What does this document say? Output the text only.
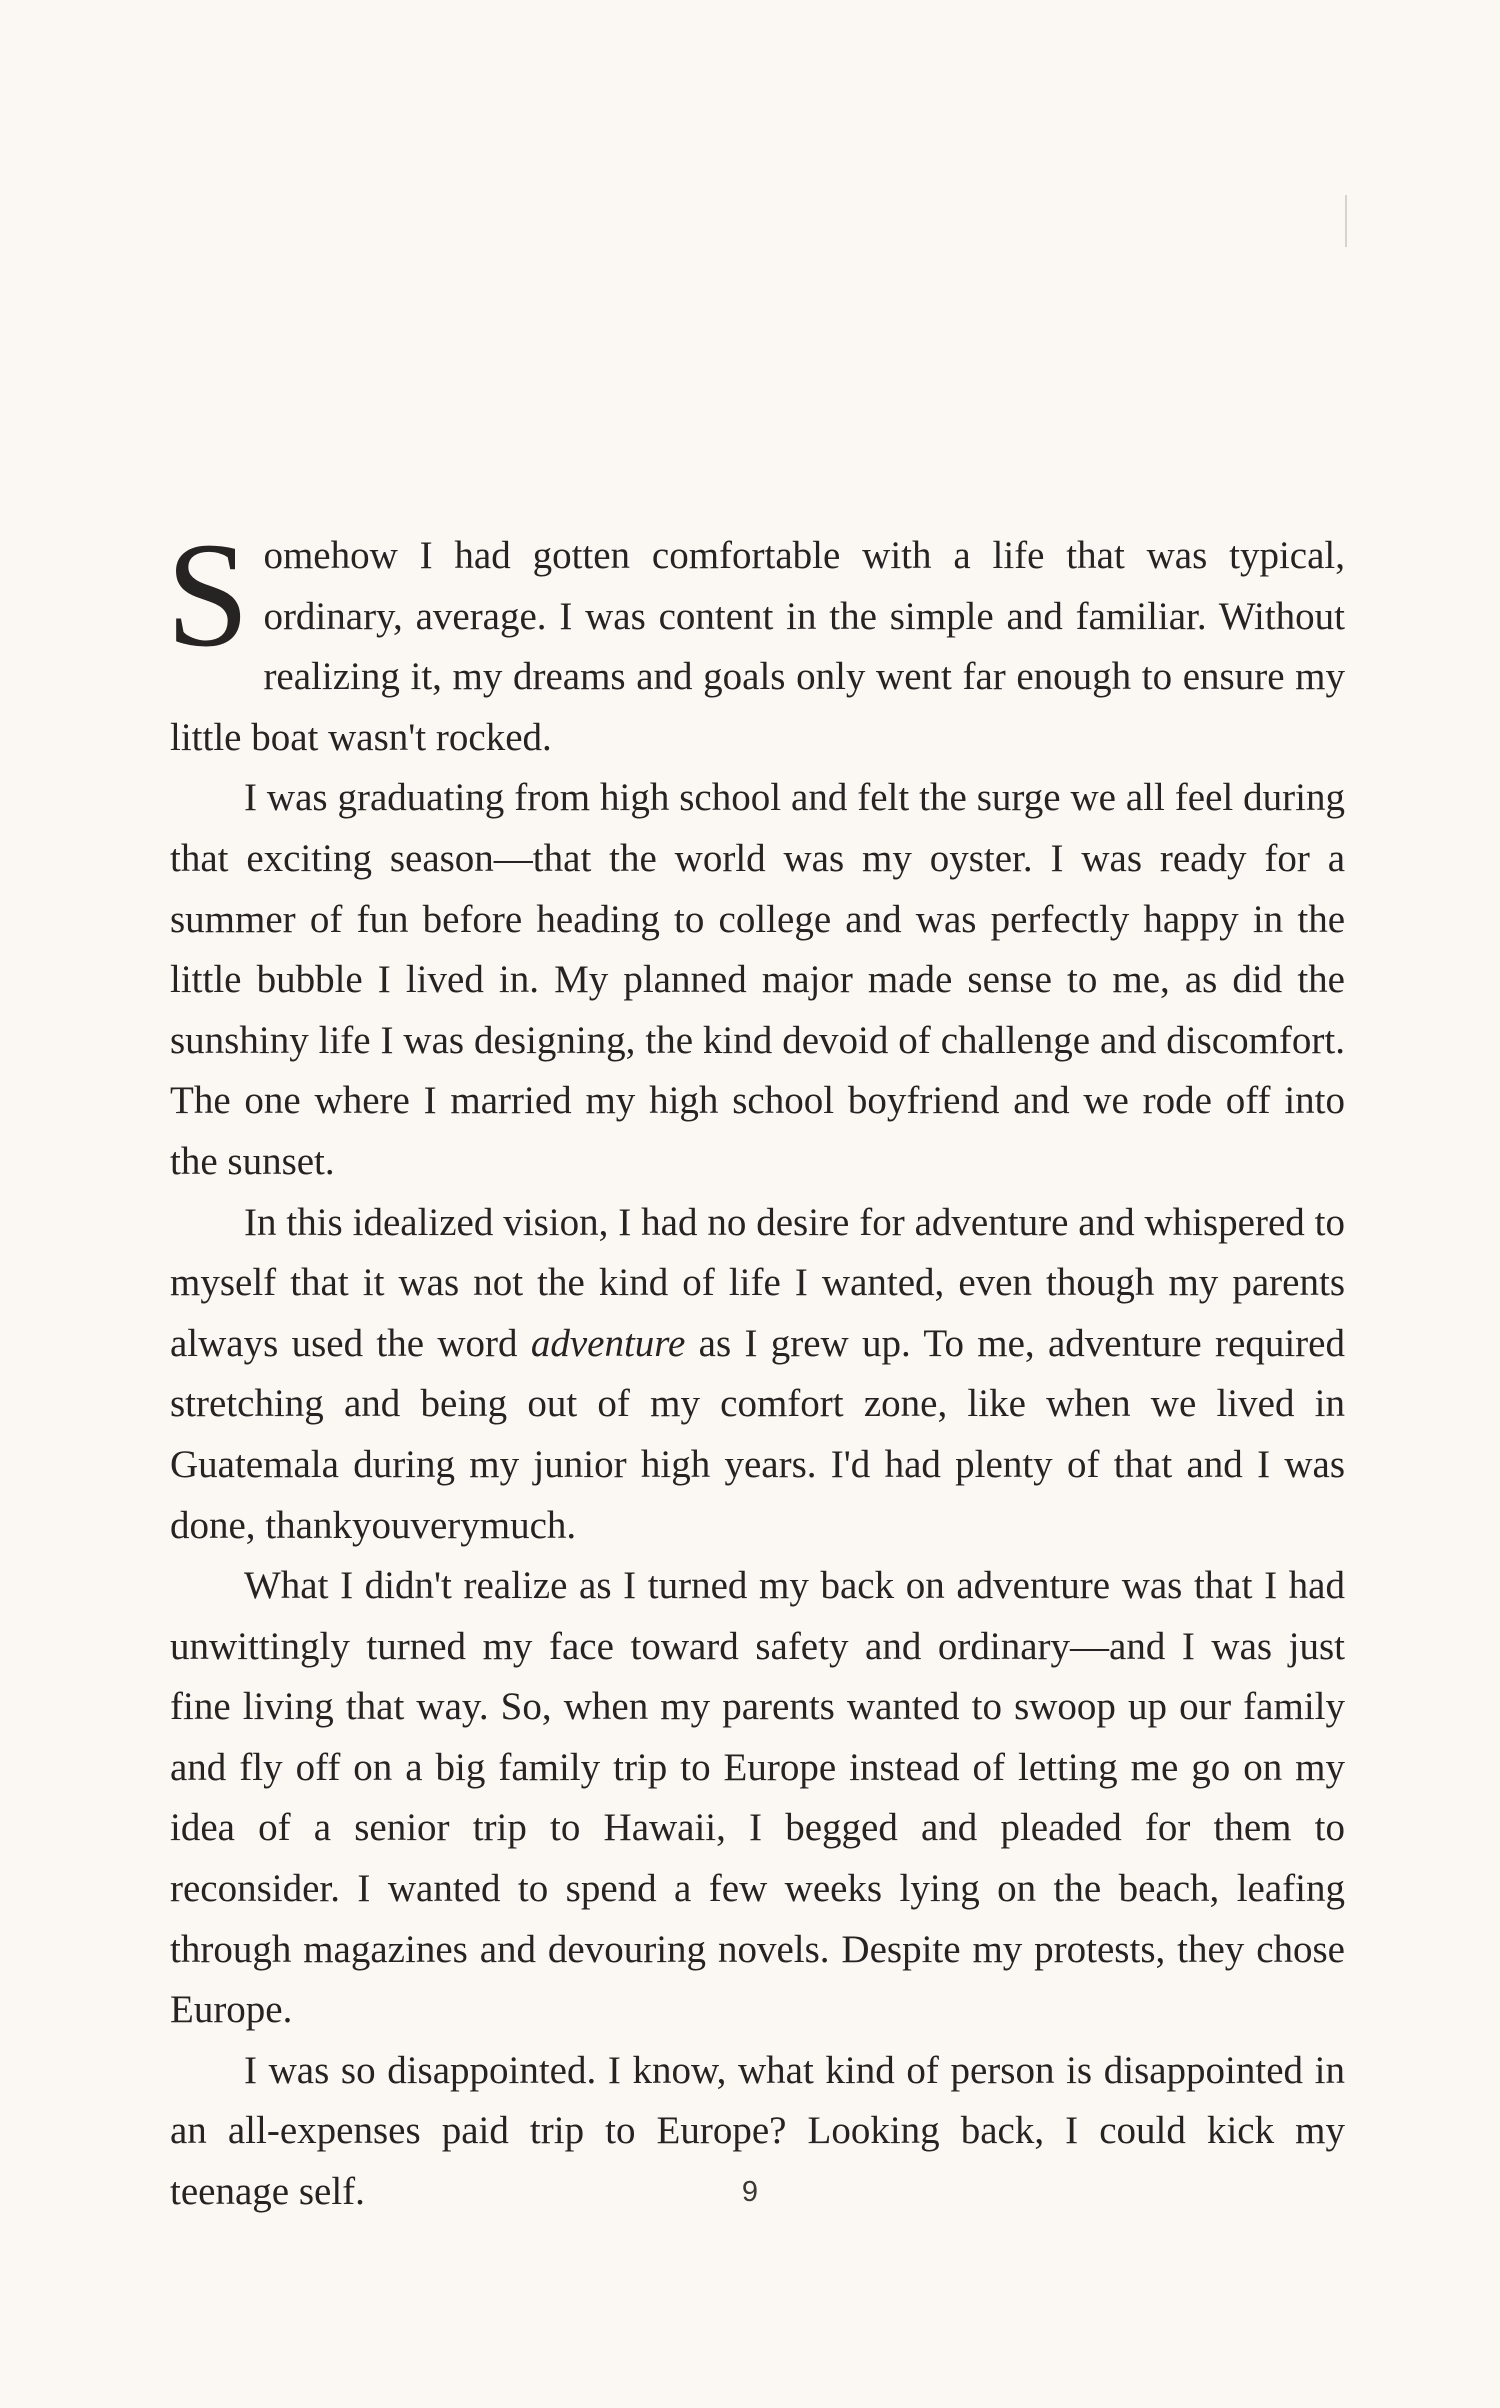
Somehow I had gotten comfortable with a life that was typical, ordinary, average. I was content in the simple and familiar. Without realizing it, my dreams and goals only went far enough to ensure my little boat wasn't rocked.

I was graduating from high school and felt the surge we all feel during that exciting season—that the world was my oyster. I was ready for a summer of fun before heading to college and was perfectly happy in the little bubble I lived in. My planned major made sense to me, as did the sunshiny life I was designing, the kind devoid of challenge and discomfort. The one where I married my high school boyfriend and we rode off into the sunset.

In this idealized vision, I had no desire for adventure and whispered to myself that it was not the kind of life I wanted, even though my parents always used the word adventure as I grew up. To me, adventure required stretching and being out of my comfort zone, like when we lived in Guatemala during my junior high years. I'd had plenty of that and I was done, thankyouverymuch.

What I didn't realize as I turned my back on adventure was that I had unwittingly turned my face toward safety and ordinary—and I was just fine living that way. So, when my parents wanted to swoop up our family and fly off on a big family trip to Europe instead of letting me go on my idea of a senior trip to Hawaii, I begged and pleaded for them to reconsider. I wanted to spend a few weeks lying on the beach, leafing through magazines and devouring novels. Despite my protests, they chose Europe.

I was so disappointed. I know, what kind of person is disappointed in an all-expenses paid trip to Europe? Looking back, I could kick my teenage self.	9
